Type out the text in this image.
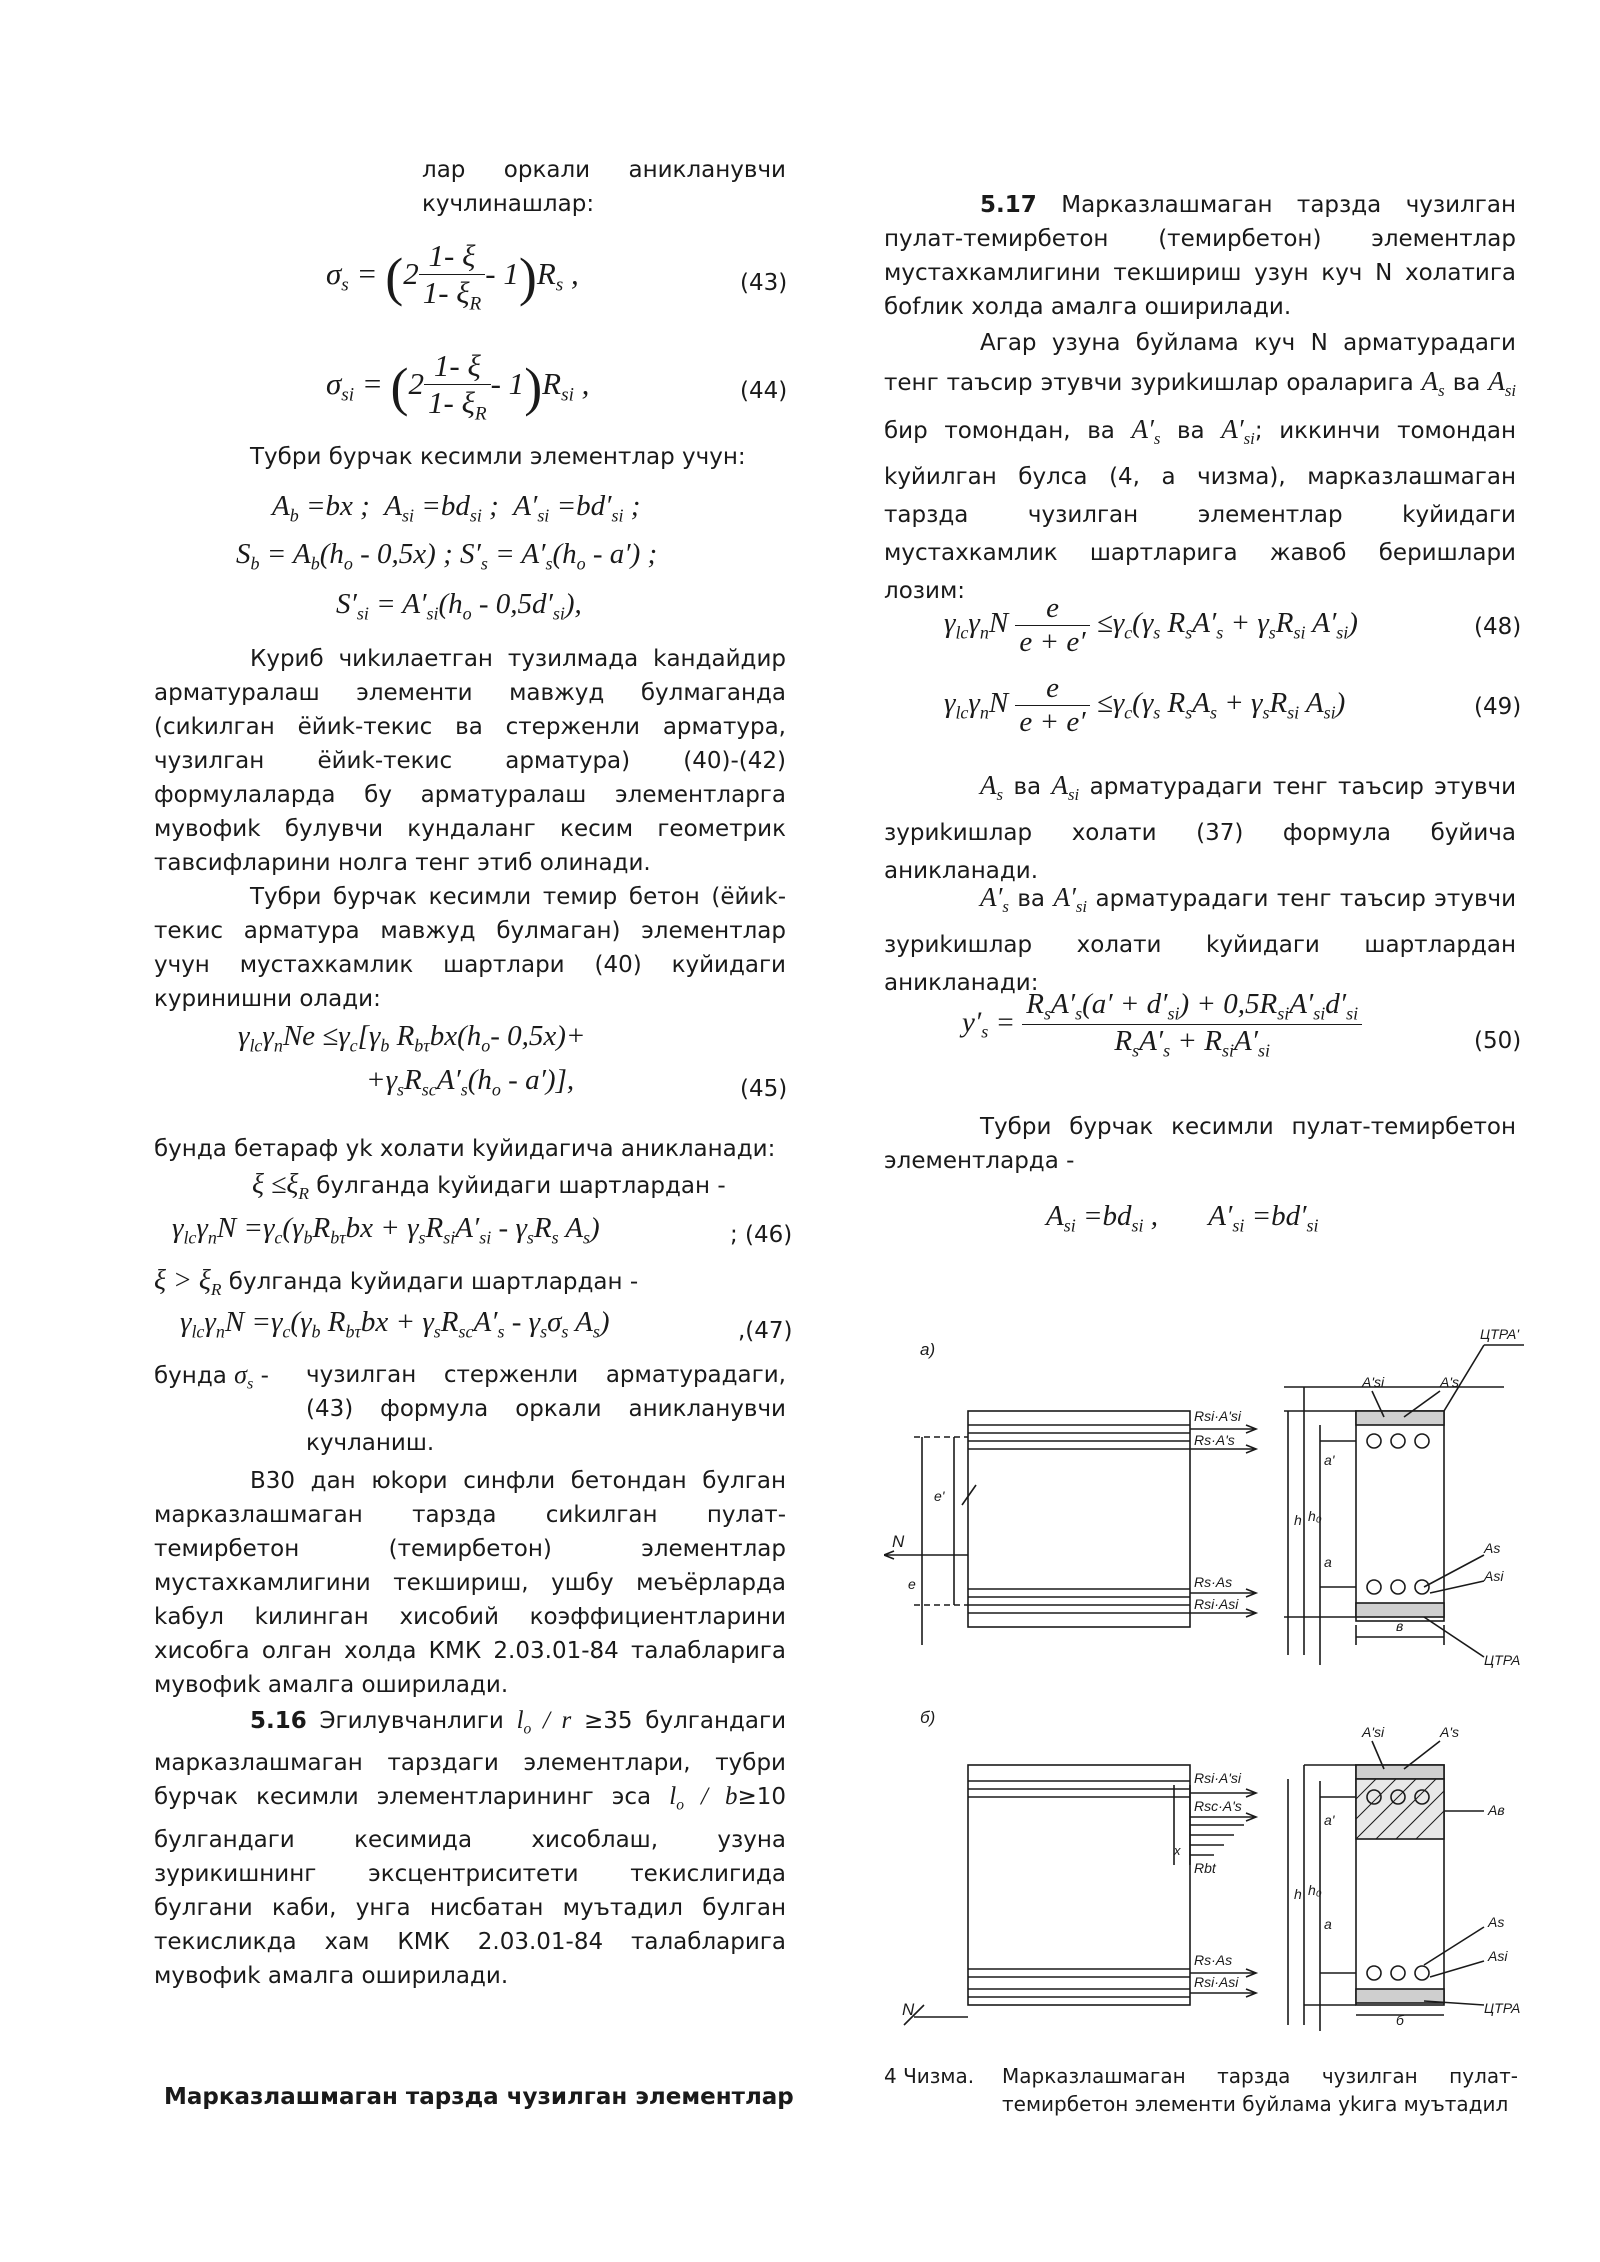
лар оркали аникланувчи кучлинашлар:
$\sigma_s = (2 \frac{1- \xi}{1- \xi_R} - 1)R_s$ ,	(43)
$\sigma_{si} = (2 \frac{1- \xi}{1- \xi_R} - 1)R_{si}$ ,	(44)
Тубри бурчак кесимли элементлар учун:
$A_b =bx$ ;  $A_{si} =bd_{si}$ ;  $A'_{si} =bd'_{si}$ ;
$S_b = A_b(h_o - 0,5x)$ ; $S'_s = A'_s(h_o - a')$ ;
$S'_{si} = A'_{si}(h_o - 0,5d'_{si})$,
Куриб чиkилаетган тузилмада kандайдир арматуралаш элементи мавжуд булмаганда (сиkилган ёйиk-текис ва стерженли арматура, чузилган ёйиk-текис арматура) (40)-(42) формулаларда бу арматуралаш элементларга мувофиk булувчи кундаланг кесим геометрик тавсифларини нолга тенг этиб олинади.
Тубри бурчак кесимли темир бетон (ёйиk-текис арматура мавжуд булмаган) элементлар учун мустахкамлик шартлари (40) куйидаги куринишни олади:
$\gamma_{lc}\gamma_nNe \le\gamma_c[\gamma_b$ $R_{b\tau}bx(h_o-$ 0,5x)+
$+\gamma_sR_{sc}A'_s(h_o - a')$],	(45)
бунда бетараф уk холати kуйидагича аникланади:
$\xi \le\xi_R$ булганда kуйидаги шартлардан -
$\gamma_{lc}\gamma_nN =\gamma_c(\gamma_bR_{b\tau}bx + \gamma_sR_{si}A'_{si} - \gamma_sR_s$ $A_s$)	; (46)
$\xi > \xi_R$ булганда kуйидаги шартлардан -
$\gamma_{lc}\gamma_nN =\gamma_c(\gamma_b$ $R_{b\tau}bx + \gamma_sR_{sc}A'_s - \gamma_s\sigma_s$ $A_s$)	,(47)
бунда $\sigma_s$ - чузилган стерженли арматурадаги, (43) формула оркали аникланувчи кучланиш.
В30 дан юkори синфли бетондан булган марказлашмаган тарзда сиkилган пулат-темирбетон (темирбетон) элементлар мустахкамлигини текшириш, ушбу меъёрларда kабул kилинган хисобий коэффициентларини хисобга олган холда КМК 2.03.01-84 талабларига мувофиk амалга оширилади.
5.16 Эгилувчанлиги $l_o / r \ge 35$ булгандаги марказлашмаган тарздаги элементлари, тубри бурчак кесимли элементларининг эса $l_o / b\ge 10$ булгандаги кесимида хисоблаш, узуна зурикишнинг эксцентриситети текислигида булгани каби, унга нисбатан муътадил булган текисликда хам КМК 2.03.01-84 талабларига мувофиk амалга оширилади.
Марказлашмаган тарзда чузилган элементлар
5.17 Марказлашмаган тарзда чузилган пулат-темирбетон (темирбетон) элементлар мустахкамлигини текшириш узун куч N холатига боfлик холда амалга оширилади.
Агар узуна буйлама куч N арматурадаги тенг таъсир этувчи зуриkишлар ораларига $A_s$ ва $A_{si}$ бир томондан, ва $A'_s$ ва $A'_{si}$; иккинчи томондан kуйилган булса (4, а чизма), марказлашмаган тарзда чузилган элементлар kуйидаги мустахкамлик шартларига жавоб беришлари лозим:
$\gamma_{lc}\gamma_nN \frac{e}{e + e'} \le\gamma_c(\gamma_s$ $R_sA'_s + \gamma_sR_{si}$ $A'_{si}$)	(48)
$\gamma_{lc}\gamma_nN \frac{e}{e + e'} \le\gamma_c(\gamma_s$ $R_sA_s + \gamma_sR_{si}$ $A_{si}$)	(49)
$A_s$ ва $A_{si}$ арматурадаги тенг таъсир этувчи зуриkишлар холати (37) формула буйича аникланади.
$A'_s$ ва $A'_{si}$ арматурадаги тенг таъсир этувчи зуриkишлар холати kуйидаги шартлардан аникланади:
$y'_s = \frac{R_sA'_s(a' + d'_{si}) + 0,5R_{si}A'_{si}d'_{si}}{R_sA'_s + R_{si}A'_{si}}$	(50)
Тубри бурчак кесимли пулат-темирбетон элементларда -
$A_{si} =bd_{si}$ ,       $A'_{si} =bd'_{si}$
а)
б)
ЦТРА'
ЦТРА
ЦТРА
Rsi·A'si
Rs·A's
Rs·As
Rsi·Asi
Rsi·A'si
Rsc·A's
Rbt
Rs·As
Rsi·Asi
N
N
e
e'
h h₀
a'
a
в
h h₀
a'
a
б
x
As
Asi
A'si	A's
A'si	A's
Aв
As
Asi
4 Чизма. Марказлашмаган тарзда чузилган пулат-темирбетон элементи буйлама уkига муътадил
